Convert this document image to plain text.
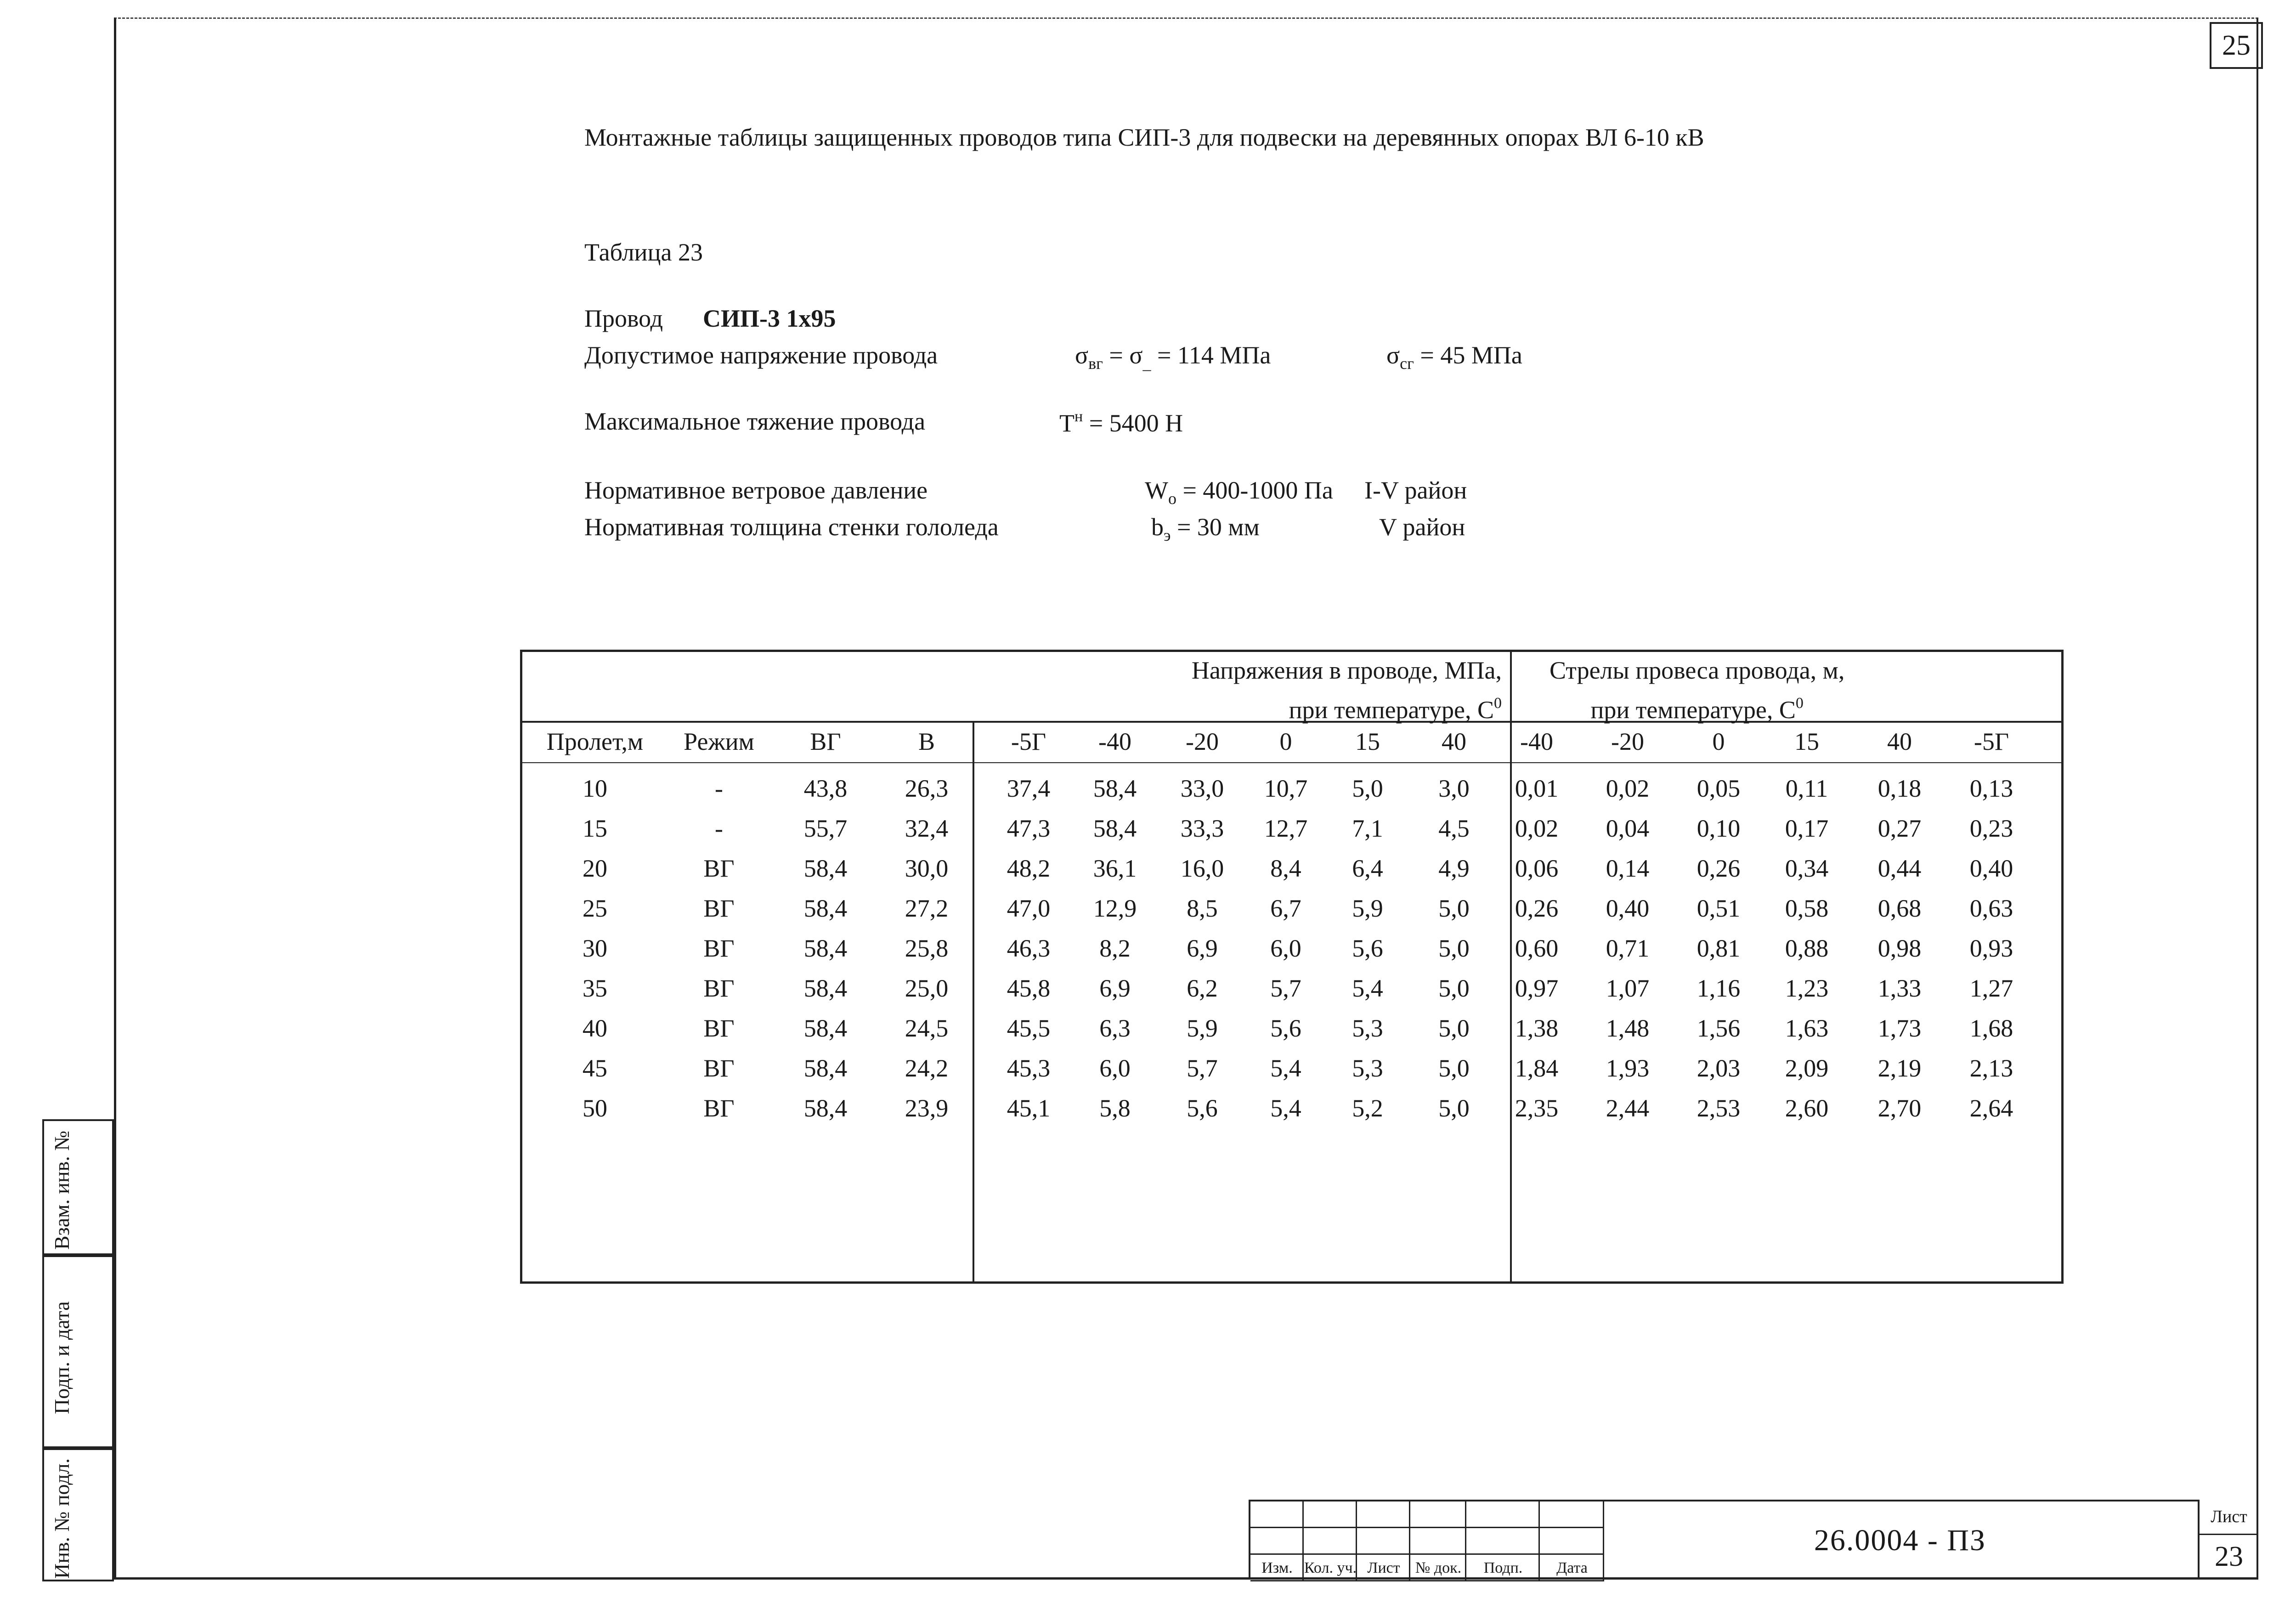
25
Монтажные таблицы защищенных проводов типа СИП-3 для подвески на деревянных опорах ВЛ 6-10 кВ
Таблица 23
Провод СИП-3 1x95
Допустимое напряжение провода	$\sigma_{вг} = \sigma_{\_} = 114$ МПа	$\sigma_{сг} = 45$ МПа
Максимальное тяжение провода	$T^н = 5400$ Н
Нормативное ветровое давление	$W_о = 400-1000$ Па I-V район
Нормативная толщина стенки гололеда	$b_э = 30$ мм	V район
Напряжения в проводе, МПа,
при температуре, $С^0$
Стрелы провеса провода, м,
при температуре, $С^0$
Пролет,м Режим ВГ	В	-5Г -40 -20 0	15 40 -40 -20	0	15	40 -5Г
10	-	43,8 26,3 37,4 58,4 33,0 10,7 5,0 3,0 0,01 0,02 0,05 0,11 0,18 0,13
15	-	55,7 32,4 47,3 58,4 33,3 12,7 7,1 4,5 0,02 0,04 0,10 0,17 0,27 0,23
20	ВГ	58,4 30,0 48,2 36,1 16,0 8,4 6,4 4,9 0,06 0,14 0,26 0,34 0,44 0,40
25	ВГ	58,4 27,2 47,0 12,9 8,5 6,7 5,9 5,0 0,26 0,40 0,51 0,58 0,68 0,63
30	ВГ	58,4 25,8 46,3 8,2 6,9 6,0 5,6 5,0 0,60 0,71 0,81 0,88 0,98 0,93
35	ВГ	58,4 25,0 45,8 6,9 6,2 5,7 5,4 5,0 0,97 1,07 1,16 1,23 1,33 1,27
40	ВГ	58,4 24,5 45,5 6,3 5,9 5,6 5,3 5,0 1,38 1,48 1,56 1,63 1,73 1,68
45	ВГ	58,4 24,2 45,3 6,0 5,7 5,4 5,3 5,0 1,84 1,93 2,03 2,09 2,19 2,13
50	ВГ	58,4 23,9 45,1 5,8 5,6 5,4 5,2 5,0 2,35 2,44 2,53 2,60 2,70 2,64
Взам. инв. №
Подп. и дата
Инв. № подл.	Изм. Кол. уч. Лист № док. Подп. Дата
26.0004 - ПЗ
Лист
23
